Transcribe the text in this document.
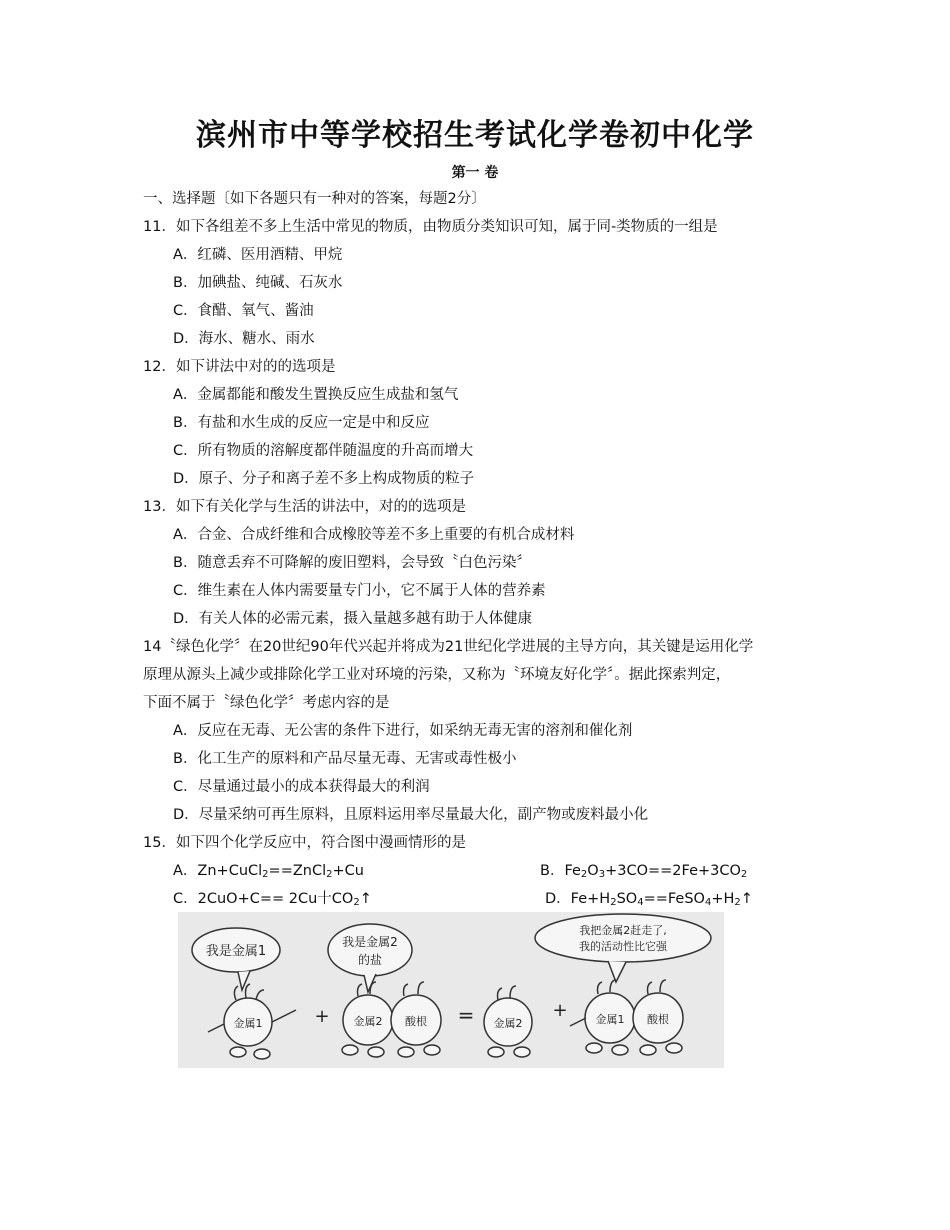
滨州市中等学校招生考试化学卷初中化学
第一 卷
一、选择题〔如下各题只有一种对的答案，每题2分〕
11．如下各组差不多上生活中常见的物质，由物质分类知识可知，属于同-类物质的一组是
A．红磷、医用酒精、甲烷
B．加碘盐、纯碱、石灰水
C．食醋、氧气、酱油
D．海水、糖水、雨水
12．如下讲法中对的的选项是
A．金属都能和酸发生置换反应生成盐和氢气
B．有盐和水生成的反应一定是中和反应
C．所有物质的溶解度都伴随温度的升高而增大
D．原子、分子和离子差不多上构成物质的粒子
13．如下有关化学与生活的讲法中，对的的选项是
A．合金、合成纤维和合成橡胶等差不多上重要的有机合成材料
B．随意丢弃不可降解的废旧塑料，会导致〝白色污染〞
C．维生素在人体内需要量专门小，它不属于人体的营养素
D．有关人体的必需元素，摄入量越多越有助于人体健康
14〝绿色化学〞在20世纪90年代兴起并将成为21世纪化学进展的主导方向，其关键是运用化学
原理从源头上减少或排除化学工业对环境的污染，又称为〝环境友好化学〞。据此探索判定，
下面不属于〝绿色化学〞考虑内容的是
A．反应在无毒、无公害的条件下进行，如采纳无毒无害的溶剂和催化剂
B．化工生产的原料和产品尽量无毒、无害或毒性极小
C．尽量通过最小的成本获得最大的利润
D．尽量采纳可再生原料，且原料运用率尽量最大化，副产物或废料最小化
15．如下四个化学反应中，符合图中漫画情形的是
A．Zn+CuCl$_2$==ZnCl$_2$+Cu	B．$Fe_2O_3+3CO==2Fe+3CO_2$
C．2CuO+C== 2Cu十$CO_2↑$	D．$Fe+H_2SO_4==FeSO_4+H_2↑$
我是金属1
我是金属2
的盐
我把金属2赶走了,
我的活动性比它强
金属1	金属2 酸根	金属2	金属1 酸根
+	=	+
